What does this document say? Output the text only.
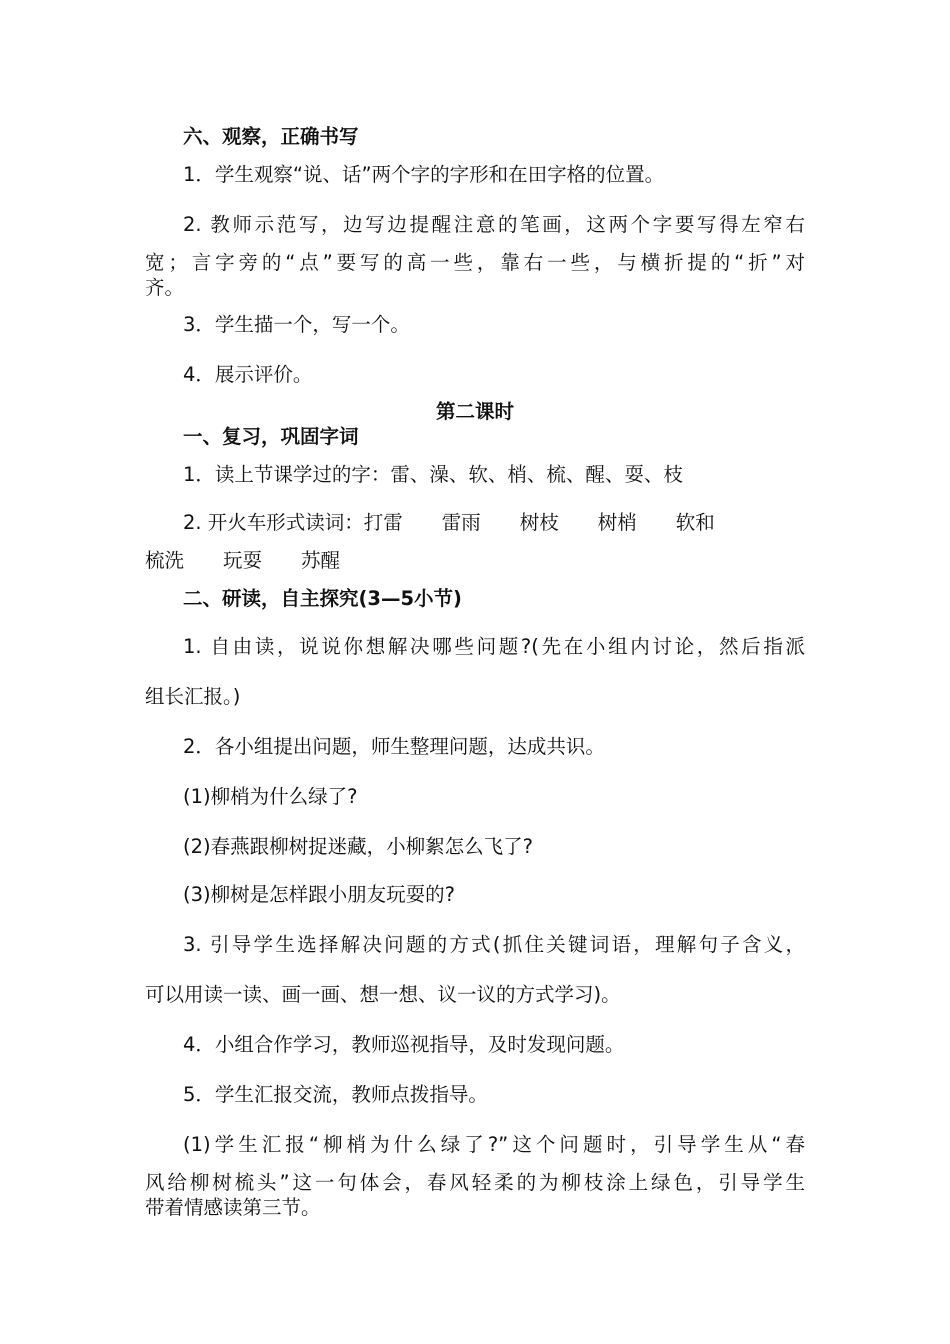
六、观察，正确书写
1．学生观察“说、话”两个字的字形和在田字格的位置。
2. 教师示范写，边写边提醒注意的笔画，这两个字要写得左窄右
宽；言字旁的“点”要写的高一些，靠右一些，与横折提的“折”对
齐。
3．学生描一个，写一个。
4．展示评价。
第二课时
一、复习，巩固字词
1．读上节课学过的字：雷、澡、软、梢、梳、醒、耍、枝
2. 开火车形式读词：打雷　　雷雨　　树枝　　树梢　　软和
梳洗　　玩耍　　苏醒
二、研读，自主探究(3—5小节)
1. 自由读，说说你想解决哪些问题?(先在小组内讨论，然后指派
组长汇报。)
2．各小组提出问题，师生整理问题，达成共识。
(1)柳梢为什么绿了?
(2)春燕跟柳树捉迷藏，小柳絮怎么飞了?
(3)柳树是怎样跟小朋友玩耍的?
3. 引导学生选择解决问题的方式(抓住关键词语，理解句子含义，
可以用读一读、画一画、想一想、议一议的方式学习)。
4．小组合作学习，教师巡视指导，及时发现问题。
5．学生汇报交流，教师点拨指导。
(1)学生汇报“柳梢为什么绿了?”这个问题时，引导学生从“春
风给柳树梳头”这一句体会，春风轻柔的为柳枝涂上绿色，引导学生
带着情感读第三节。
